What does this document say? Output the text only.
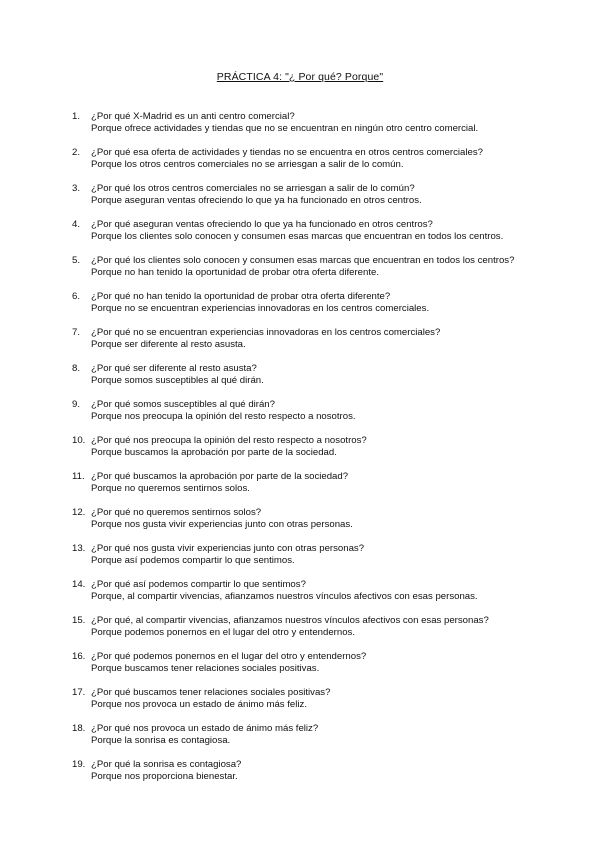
PRÁCTICA 4: "¿ Por qué? Porque"
1.	¿Por qué X-Madrid es un anti centro comercial?
Porque ofrece actividades y tiendas que no se encuentran en ningún otro centro comercial.
2.	¿Por qué esa oferta de actividades y tiendas no se encuentra en otros centros comerciales?
Porque los otros centros comerciales no se arriesgan a salir de lo común.
3.	¿Por qué los otros centros comerciales no se arriesgan a salir de lo común?
Porque aseguran ventas ofreciendo lo que ya ha funcionado en otros centros.
4.	¿Por qué aseguran ventas ofreciendo lo que ya ha funcionado en otros centros?
Porque los clientes solo conocen y consumen esas marcas que encuentran en todos los centros.
5.	¿Por qué los clientes solo conocen y consumen esas marcas que encuentran en todos los centros?
Porque no han tenido la oportunidad de probar otra oferta diferente.
6.	¿Por qué no han tenido la oportunidad de probar otra oferta diferente?
Porque no se encuentran experiencias innovadoras en los centros comerciales.
7.	¿Por qué no se encuentran experiencias innovadoras en los centros comerciales?
Porque ser diferente al resto asusta.
8.	¿Por qué ser diferente al resto asusta?
Porque somos susceptibles al qué dirán.
9.	¿Por qué somos susceptibles al qué dirán?
Porque nos preocupa la opinión del resto respecto a nosotros.
10. ¿Por qué nos preocupa la opinión del resto respecto a nosotros?
Porque buscamos la aprobación por parte de la sociedad.
11. ¿Por qué buscamos la aprobación por parte de la sociedad?
Porque no queremos sentirnos solos.
12. ¿Por qué no queremos sentirnos solos?
Porque nos gusta vivir experiencias junto con otras personas.
13. ¿Por qué nos gusta vivir experiencias junto con otras personas?
Porque así podemos compartir lo que sentimos.
14. ¿Por qué así podemos compartir lo que sentimos?
Porque, al compartir vivencias, afianzamos nuestros vínculos afectivos con esas personas.
15. ¿Por qué, al compartir vivencias, afianzamos nuestros vínculos afectivos con esas personas?
Porque podemos ponernos en el lugar del otro y entendernos.
16. ¿Por qué podemos ponernos en el lugar del otro y entendernos?
Porque buscamos tener relaciones sociales positivas.
17. ¿Por qué buscamos tener relaciones sociales positivas?
Porque nos provoca un estado de ánimo más feliz.
18. ¿Por qué nos provoca un estado de ánimo más feliz?
Porque la sonrisa es contagiosa.
19. ¿Por qué la sonrisa es contagiosa?
Porque nos proporciona bienestar.
